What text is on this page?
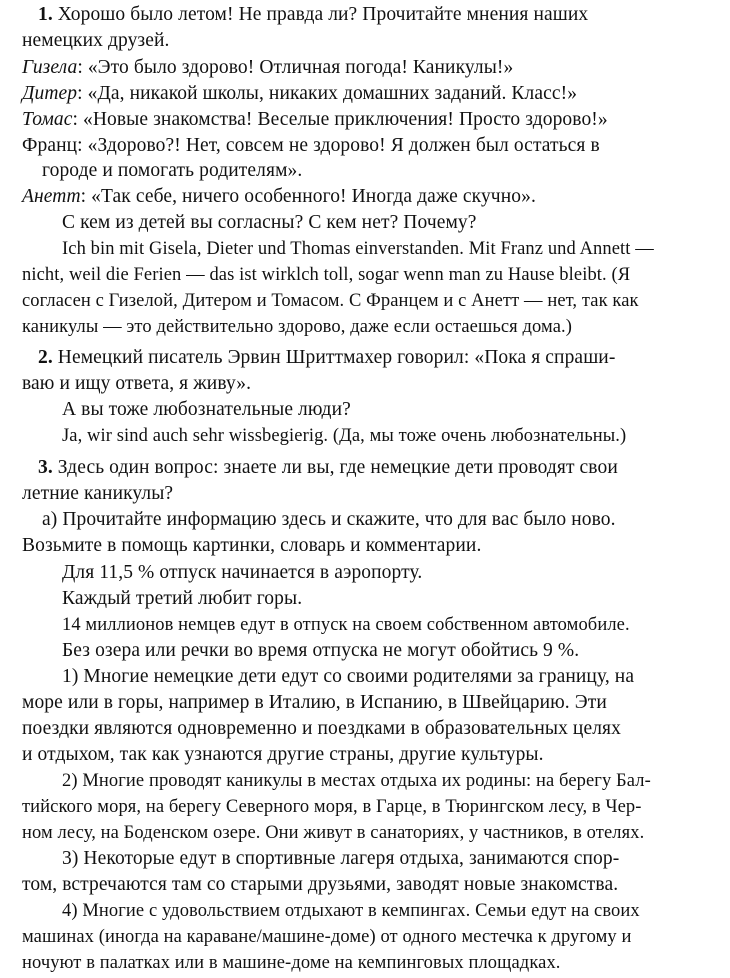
1. Хорошо было летом! Не правда ли? Прочитайте мнения наших
немецких друзей.
Гизела: «Это было здорово! Отличная погода! Каникулы!»
Дитер: «Да, никакой школы, никаких домашних заданий. Класс!»
Томас: «Новые знакомства! Веселые приключения! Просто здорово!»
Франц: «Здорово?! Нет, совсем не здорово! Я должен был остаться в
городе и помогать родителям».
Анетт: «Так себе, ничего особенного! Иногда даже скучно».
С кем из детей вы согласны? С кем нет? Почему?
Ich bin mit Gisela, Dieter und Thomas einverstanden. Mit Franz und Annett —
nicht, weil die Ferien — das ist wirklch toll, sogar wenn man zu Hause bleibt. (Я
согласен с Гизелой, Дитером и Томасом. С Францем и с Анетт — нет, так как
каникулы — это действительно здорово, даже если остаешься дома.)
2. Немецкий писатель Эрвин Шриттмахер говорил: «Пока я спраши-
ваю и ищу ответа, я живу».
А вы тоже любознательные люди?
Ja, wir sind auch sehr wissbegierig. (Да, мы тоже очень любознательны.)
3. Здесь один вопрос: знаете ли вы, где немецкие дети проводят свои
летние каникулы?
а) Прочитайте информацию здесь и скажите, что для вас было ново.
Возьмите в помощь картинки, словарь и комментарии.
Для 11,5 % отпуск начинается в аэропорту.
Каждый третий любит горы.
14 миллионов немцев едут в отпуск на своем собственном автомобиле.
Без озера или речки во время отпуска не могут обойтись 9 %.
1) Многие немецкие дети едут со своими родителями за границу, на
море или в горы, например в Италию, в Испанию, в Швейцарию. Эти
поездки являются одновременно и поездками в образовательных целях
и отдыхом, так как узнаются другие страны, другие культуры.
2) Многие проводят каникулы в местах отдыха их родины: на берегу Бал-
тийского моря, на берегу Северного моря, в Гарце, в Тюрингском лесу, в Чер-
ном лесу, на Боденском озере. Они живут в санаториях, у частников, в отелях.
3) Некоторые едут в спортивные лагеря отдыха, занимаются спор-
том, встречаются там со старыми друзьями, заводят новые знакомства.
4) Многие с удовольствием отдыхают в кемпингах. Семьи едут на своих
машинах (иногда на караване/машине-доме) от одного местечка к другому и
ночуют в палатках или в машине-доме на кемпинговых площадках.
